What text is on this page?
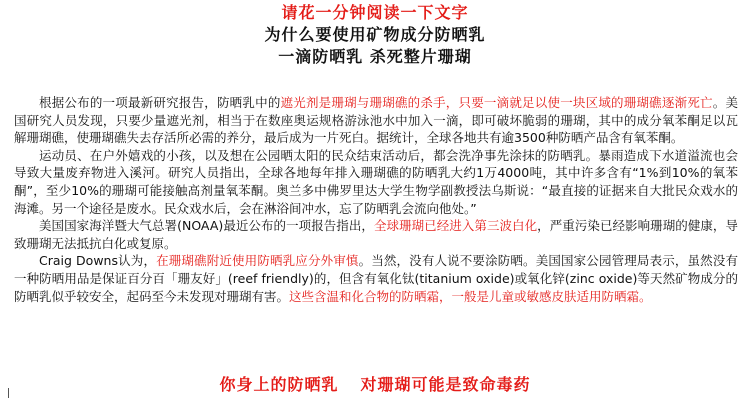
请花一分钟阅读一下文字
为什么要使用矿物成分防晒乳
一滴防晒乳 杀死整片珊瑚

根据公布的一项最新研究报告，防晒乳中的遮光剂是珊瑚与珊瑚礁的杀手，只要一滴就足以使一块区域的珊瑚礁逐渐死亡。美国研究人员发现，只要少量遮光剂，相当于在数座奥运规格游泳池水中加入一滴，即可破坏脆弱的珊瑚，其中的成分氧苯酮足以瓦解珊瑚礁，使珊瑚礁失去存活所必需的养分，最后成为一片死白。据统计，全球各地共有逾3500种防晒产品含有氧苯酮。

运动员、在户外嬉戏的小孩，以及想在公园晒太阳的民众结束活动后，都会洗净事先涂抹的防晒乳。暴雨造成下水道溢流也会导致大量废弃物进入溪河。研究人员指出，全球各地每年排入珊瑚礁的防晒乳大约1万4000吨，其中许多含有“1%到10%的氧苯酮”，至少10%的珊瑚可能接触高剂量氧苯酮。奥兰多中佛罗里达大学生物学副教授法乌斯说：“最直接的证据来自大批民众戏水的海滩。另一个途径是废水。民众戏水后，会在淋浴间冲水，忘了防晒乳会流向他处。”

美国国家海洋暨大气总署(NOAA)最近公布的一项报告指出，全球珊瑚已经进入第三波白化，严重污染已经影响珊瑚的健康，导致珊瑚无法抵抗白化或复原。

Craig Downs认为，在珊瑚礁附近使用防晒乳应分外审慎。当然，没有人说不要涂防晒。美国国家公园管理局表示，虽然没有一种防晒用品是保证百分百「珊友好」(reef friendly)的，但含有氧化钛(titanium oxide)或氧化锌(zinc oxide)等天然矿物成分的防晒乳似乎较安全，起码至今未发现对珊瑚有害。这些含温和化合物的防晒霜，一般是儿童或敏感皮肤适用防晒霜。

你身上的防晒乳 对珊瑚可能是致命毒药
